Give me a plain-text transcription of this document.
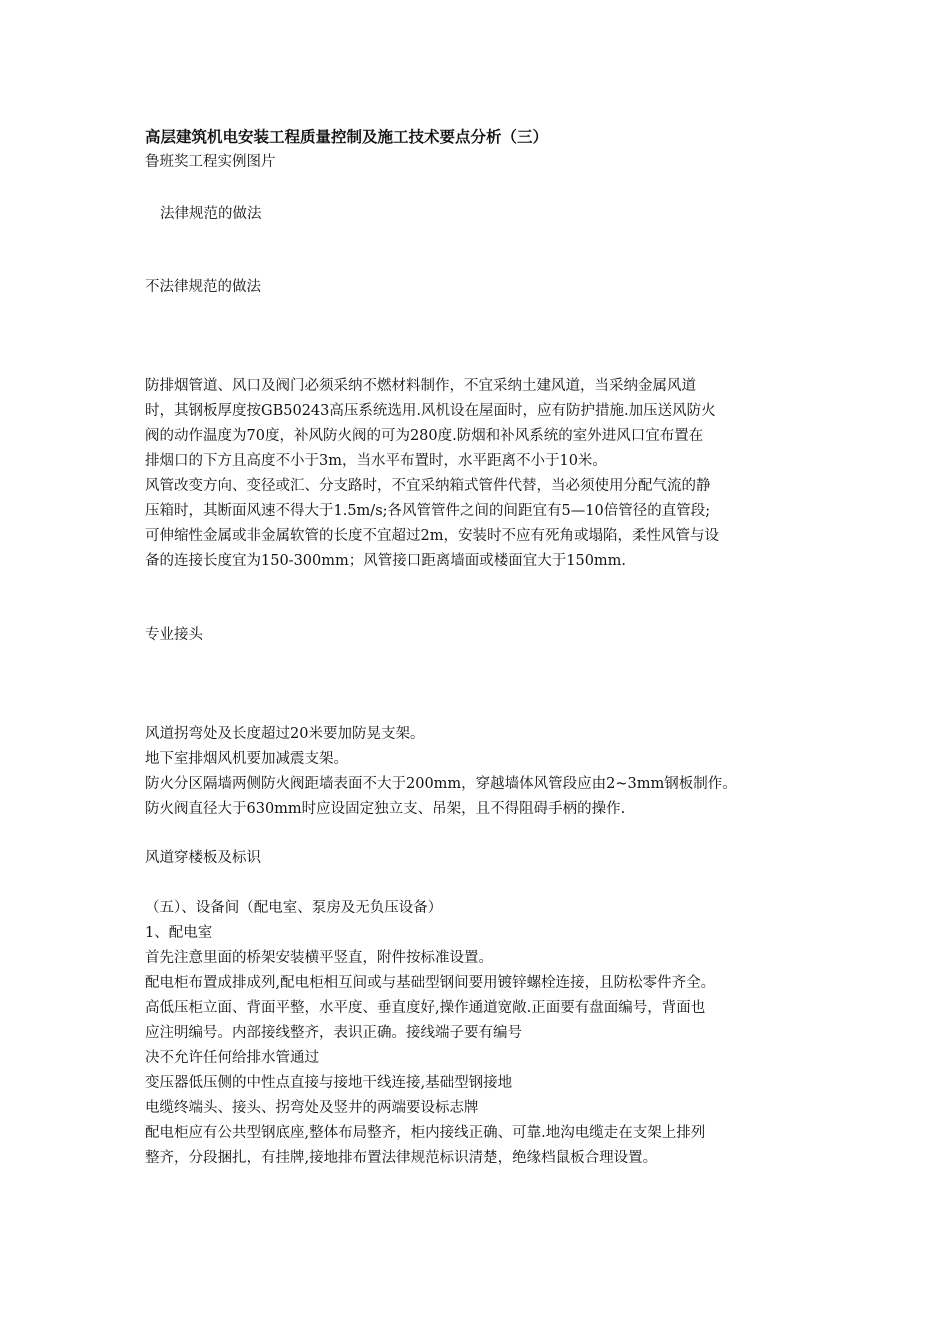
高层建筑机电安装工程质量控制及施工技术要点分析（三）
鲁班奖工程实例图片
法律规范的做法
不法律规范的做法
防排烟管道、风口及阀门必须采纳不燃材料制作，不宜采纳土建风道，当采纳金属风道
时，其钢板厚度按GB50243高压系统选用.风机设在屋面时，应有防护措施.加压送风防火
阀的动作温度为70度，补风防火阀的可为280度.防烟和补风系统的室外进风口宜布置在
排烟口的下方且高度不小于3m，当水平布置时，水平距离不小于10米。
风管改变方向、变径或汇、分支路时，不宜采纳箱式管件代替，当必须使用分配气流的静
压箱时，其断面风速不得大于1.5m/s;各风管管件之间的间距宜有5—10倍管径的直管段;
可伸缩性金属或非金属软管的长度不宜超过2m，安装时不应有死角或塌陷，柔性风管与设
备的连接长度宜为150-300mm；风管接口距离墙面或楼面宜大于150mm.
专业接头
风道拐弯处及长度超过20米要加防晃支架。
地下室排烟风机要加减震支架。
防火分区隔墙两侧防火阀距墙表面不大于200mm，穿越墙体风管段应由2~3mm钢板制作。
防火阀直径大于630mm时应设固定独立支、吊架，且不得阻碍手柄的操作.
风道穿楼板及标识
（五）、设备间（配电室、泵房及无负压设备）
1、配电室
首先注意里面的桥架安装横平竖直，附件按标准设置。
配电柜布置成排成列,配电柜相互间或与基础型钢间要用镀锌螺栓连接，且防松零件齐全。
高低压柜立面、背面平整，水平度、垂直度好,操作通道宽敞.正面要有盘面编号，背面也
应注明编号。内部接线整齐，表识正确。接线端子要有编号
决不允许任何给排水管通过
变压器低压侧的中性点直接与接地干线连接,基础型钢接地
电缆终端头、接头、拐弯处及竖井的两端要设标志牌
配电柜应有公共型钢底座,整体布局整齐，柜内接线正确、可靠.地沟电缆走在支架上排列
整齐，分段捆扎，有挂牌,接地排布置法律规范标识清楚，绝缘档鼠板合理设置。
